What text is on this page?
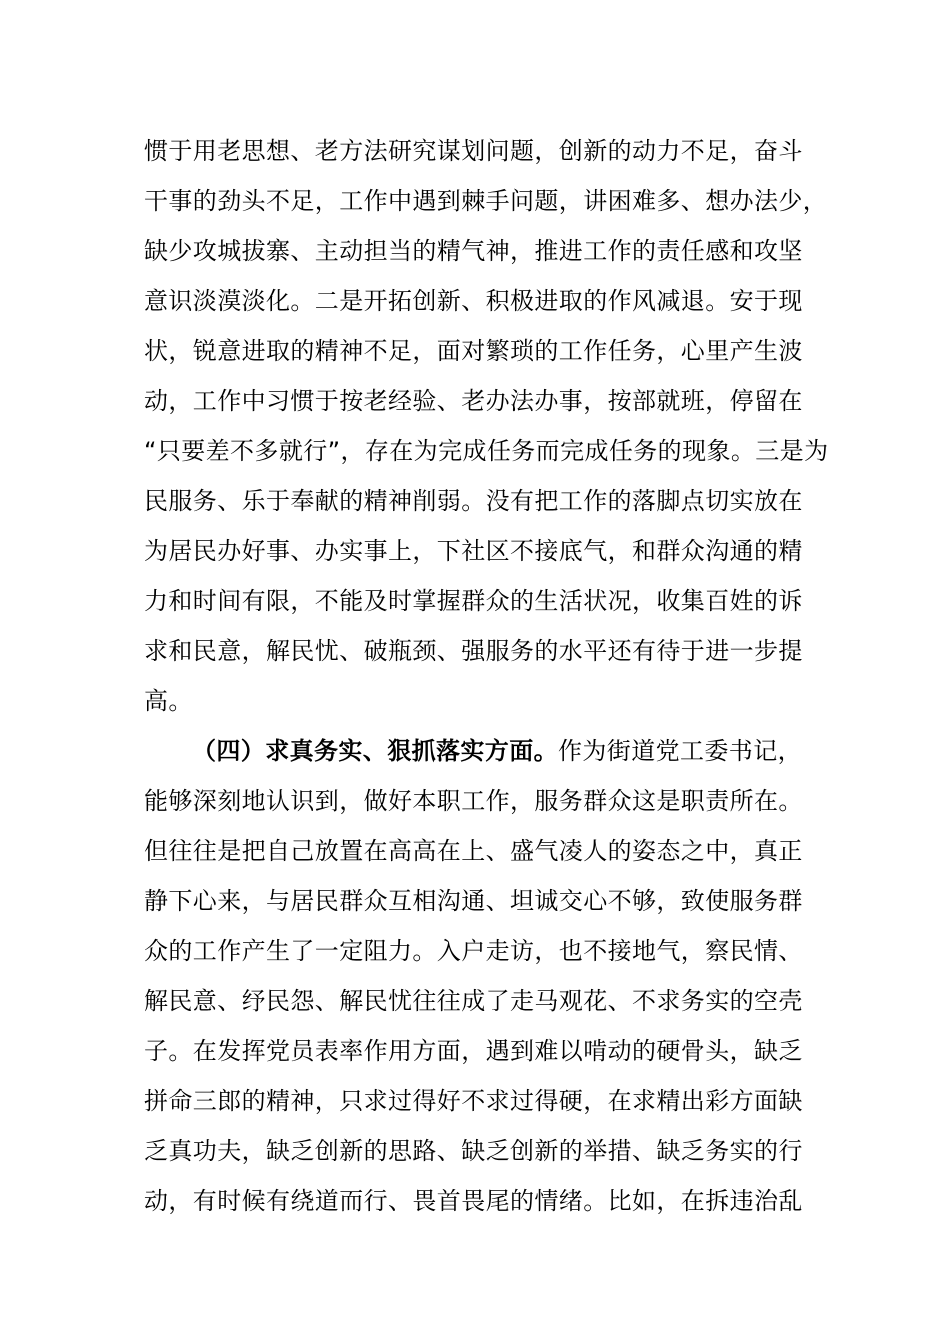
惯于用老思想、老方法研究谋划问题，创新的动力不足，奋斗
干事的劲头不足，工作中遇到棘手问题，讲困难多、想办法少，
缺少攻城拔寨、主动担当的精气神，推进工作的责任感和攻坚
意识淡漠淡化。二是开拓创新、积极进取的作风减退。安于现
状，锐意进取的精神不足，面对繁琐的工作任务，心里产生波
动，工作中习惯于按老经验、老办法办事，按部就班，停留在
“只要差不多就行”，存在为完成任务而完成任务的现象。三是为
民服务、乐于奉献的精神削弱。没有把工作的落脚点切实放在
为居民办好事、办实事上，下社区不接底气，和群众沟通的精
力和时间有限，不能及时掌握群众的生活状况，收集百姓的诉
求和民意，解民忧、破瓶颈、强服务的水平还有待于进一步提
高。
（四）求真务实、狠抓落实方面。作为街道党工委书记，
能够深刻地认识到，做好本职工作，服务群众这是职责所在。
但往往是把自己放置在高高在上、盛气凌人的姿态之中，真正
静下心来，与居民群众互相沟通、坦诚交心不够，致使服务群
众的工作产生了一定阻力。入户走访，也不接地气，察民情、
解民意、纾民怨、解民忧往往成了走马观花、不求务实的空壳
子。在发挥党员表率作用方面，遇到难以啃动的硬骨头，缺乏
拼命三郎的精神，只求过得好不求过得硬，在求精出彩方面缺
乏真功夫，缺乏创新的思路、缺乏创新的举措、缺乏务实的行
动，有时候有绕道而行、畏首畏尾的情绪。比如，在拆违治乱
